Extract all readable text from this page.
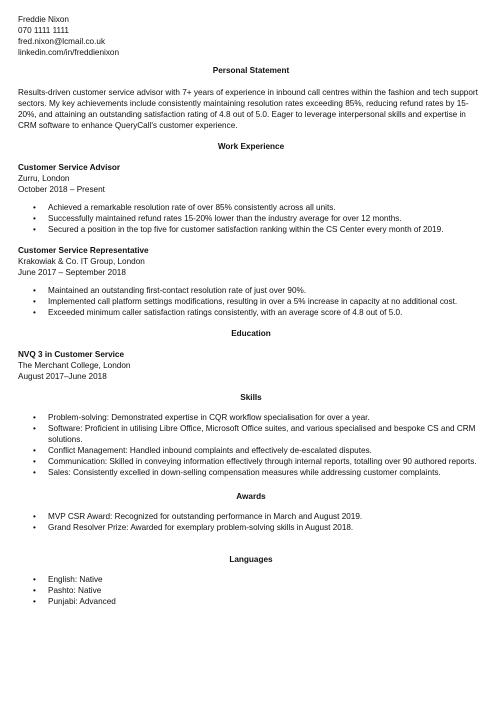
Freddie Nixon
070 1111 1111
fred.nixon@lcmail.co.uk
linkedin.com/in/freddienixon
Personal Statement
Results-driven customer service advisor with 7+ years of experience in inbound call centres within the fashion and tech support sectors. My key achievements include consistently maintaining resolution rates exceeding 85%, reducing refund rates by 15-20%, and attaining an outstanding satisfaction rating of 4.8 out of 5.0. Eager to leverage interpersonal skills and expertise in CRM software to enhance QueryCall's customer experience.
Work Experience
Customer Service Advisor
Zurru, London
October 2018 – Present
• Achieved a remarkable resolution rate of over 85% consistently across all units.
• Successfully maintained refund rates 15-20% lower than the industry average for over 12 months.
• Secured a position in the top five for customer satisfaction ranking within the CS Center every month of 2019.
Customer Service Representative
Krakowiak & Co. IT Group, London
June 2017 – September 2018
• Maintained an outstanding first-contact resolution rate of just over 90%.
• Implemented call platform settings modifications, resulting in over a 5% increase in capacity at no additional cost.
• Exceeded minimum caller satisfaction ratings consistently, with an average score of 4.8 out of 5.0.
Education
NVQ 3 in Customer Service
The Merchant College, London
August 2017–June 2018
Skills
• Problem-solving: Demonstrated expertise in CQR workflow specialisation for over a year.
• Software: Proficient in utilising Libre Office, Microsoft Office suites, and various specialised and bespoke CS and CRM solutions.
• Conflict Management: Handled inbound complaints and effectively de-escalated disputes.
• Communication: Skilled in conveying information effectively through internal reports, totalling over 90 authored reports.
• Sales: Consistently excelled in down-selling compensation measures while addressing customer complaints.
Awards
• MVP CSR Award: Recognized for outstanding performance in March and August 2019.
• Grand Resolver Prize: Awarded for exemplary problem-solving skills in August 2018.
Languages
• English: Native
• Pashto: Native
• Punjabi: Advanced
